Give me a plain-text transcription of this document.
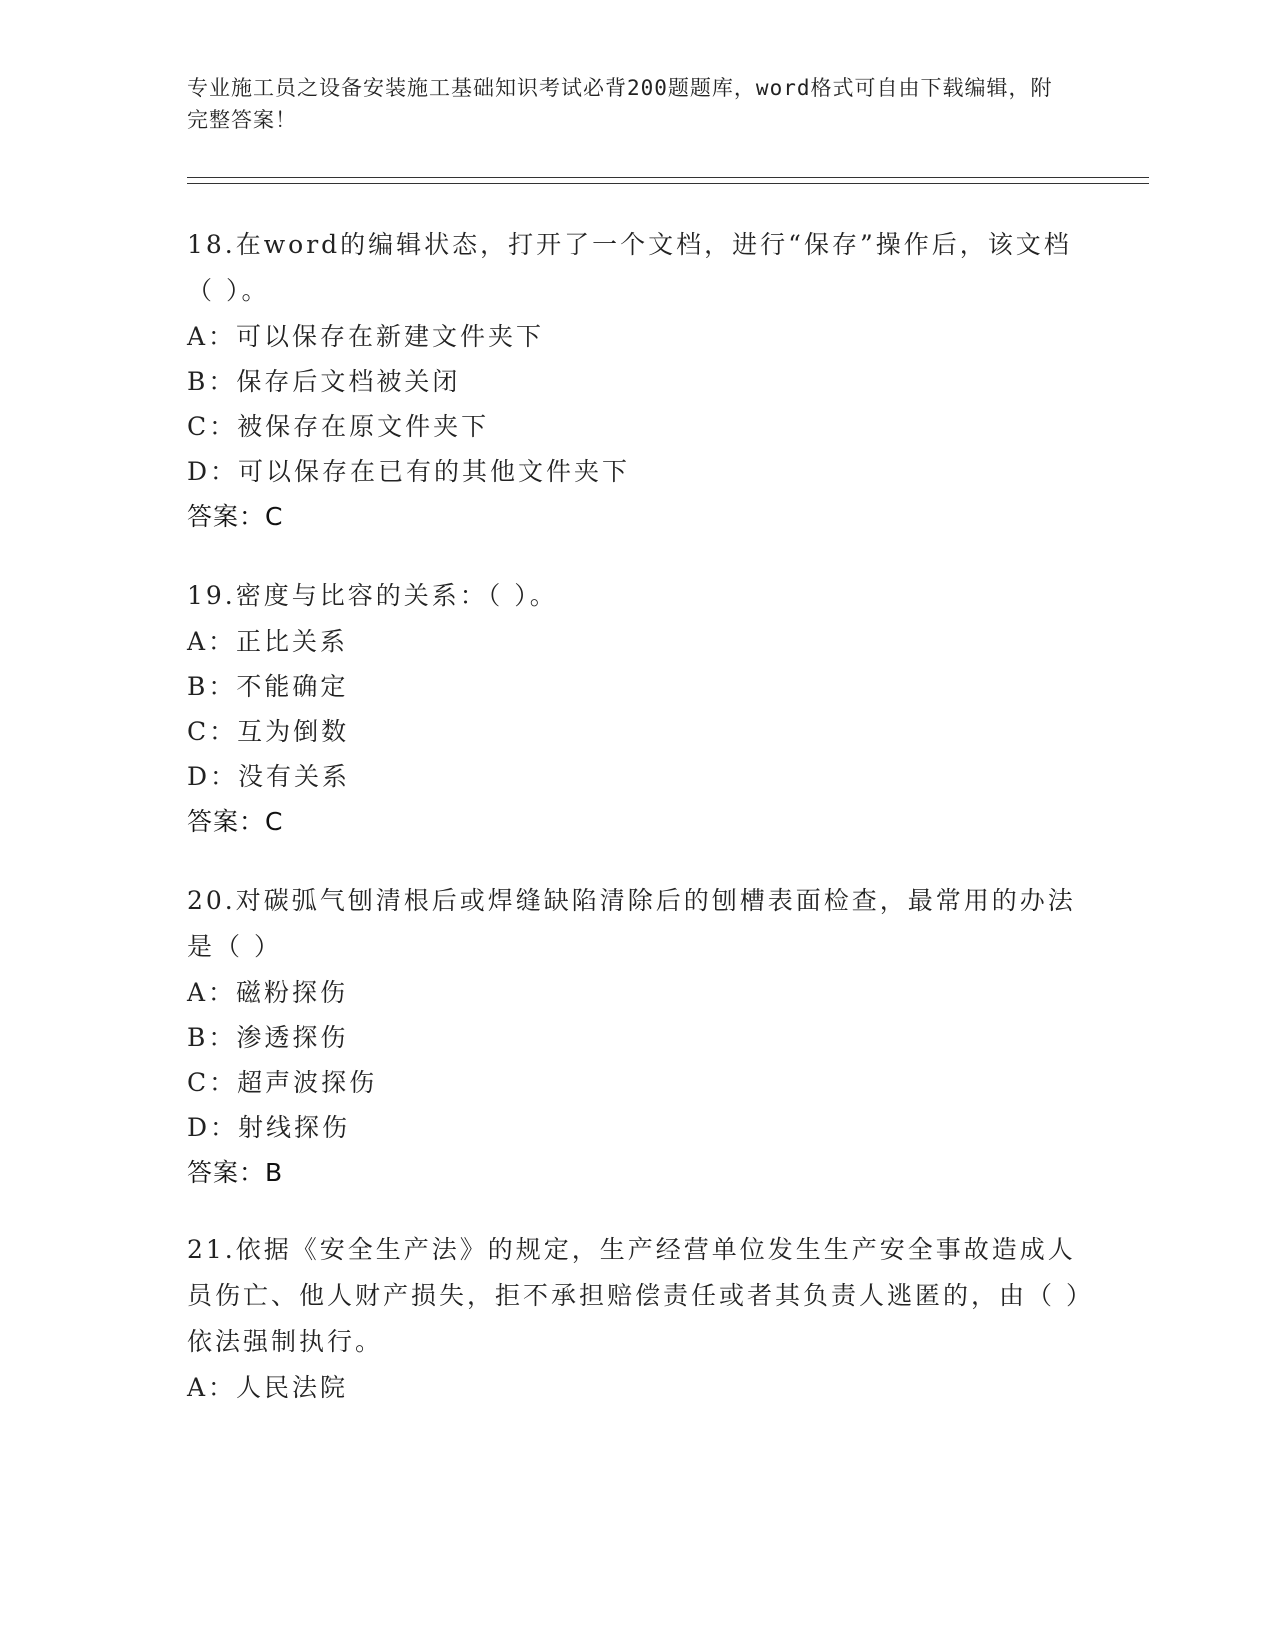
专业施工员之设备安装施工基础知识考试必背200题题库，word格式可自由下载编辑，附完整答案！
18.在word的编辑状态，打开了一个文档，进行“保存”操作后，该文档（ ）。
A：可以保存在新建文件夹下
B：保存后文档被关闭
C：被保存在原文件夹下
D：可以保存在已有的其他文件夹下
答案：C
19.密度与比容的关系：（ ）。
A：正比关系
B：不能确定
C：互为倒数
D：没有关系
答案：C
20.对碳弧气刨清根后或焊缝缺陷清除后的刨槽表面检查，最常用的办法是（ ）
A：磁粉探伤
B：渗透探伤
C：超声波探伤
D：射线探伤
答案：B
21.依据《安全生产法》的规定，生产经营单位发生生产安全事故造成人员伤亡、他人财产损失，拒不承担赔偿责任或者其负责人逃匿的，由（ ）依法强制执行。
A：人民法院
